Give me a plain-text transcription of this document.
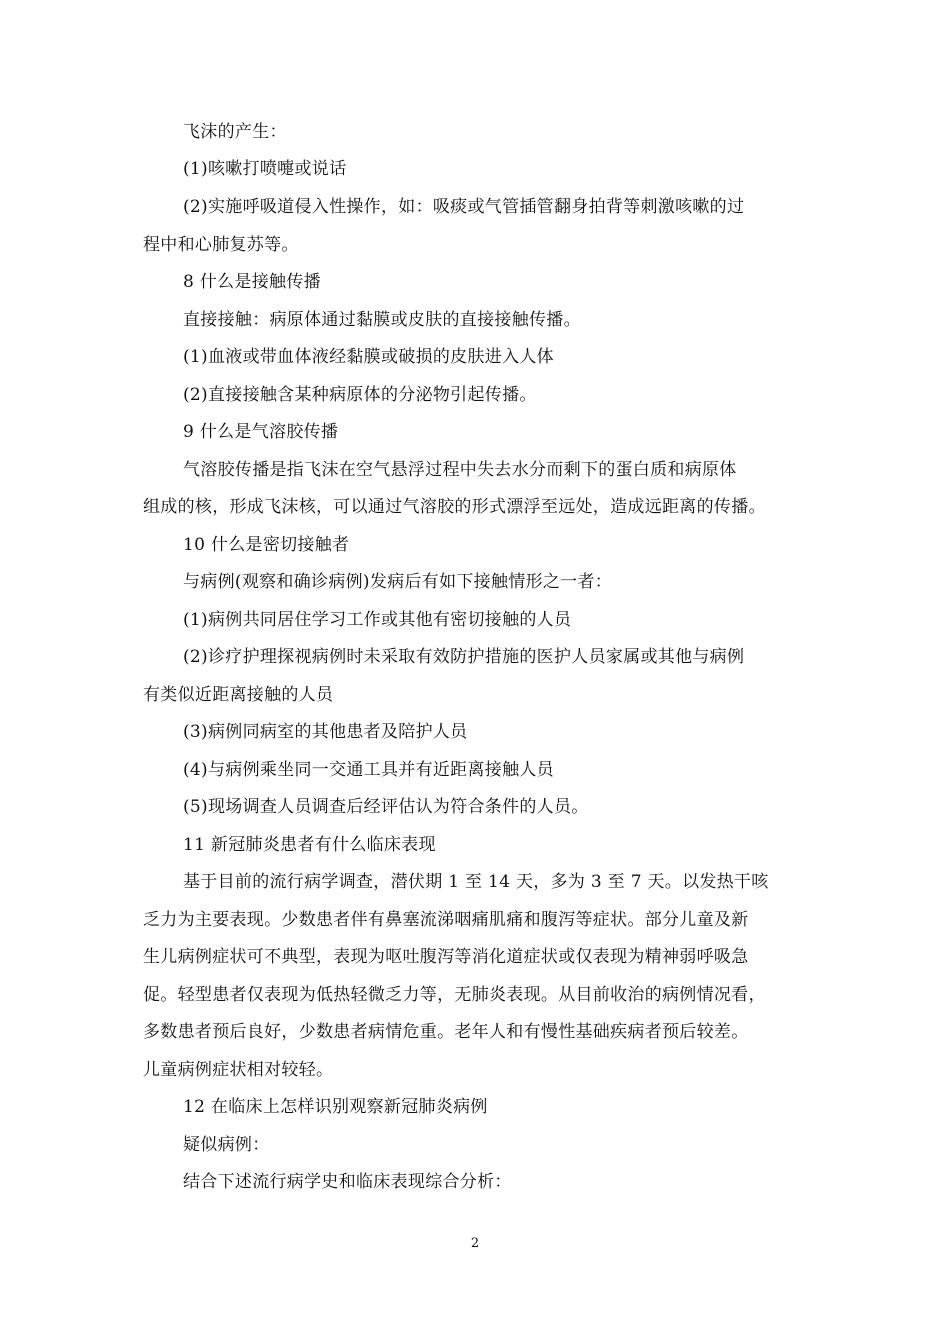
飞沫的产生：
(1)咳嗽打喷嚏或说话
(2)实施呼吸道侵入性操作，如：吸痰或气管插管翻身拍背等刺激咳嗽的过
程中和心肺复苏等。
8 什么是接触传播
直接接触：病原体通过黏膜或皮肤的直接接触传播。
(1)血液或带血体液经黏膜或破损的皮肤进入人体
(2)直接接触含某种病原体的分泌物引起传播。
9 什么是气溶胶传播
气溶胶传播是指飞沫在空气悬浮过程中失去水分而剩下的蛋白质和病原体
组成的核，形成飞沫核，可以通过气溶胶的形式漂浮至远处，造成远距离的传播。
10 什么是密切接触者
与病例(观察和确诊病例)发病后有如下接触情形之一者：
(1)病例共同居住学习工作或其他有密切接触的人员
(2)诊疗护理探视病例时未采取有效防护措施的医护人员家属或其他与病例
有类似近距离接触的人员
(3)病例同病室的其他患者及陪护人员
(4)与病例乘坐同一交通工具并有近距离接触人员
(5)现场调查人员调查后经评估认为符合条件的人员。
11 新冠肺炎患者有什么临床表现
基于目前的流行病学调查，潜伏期 1 至 14 天，多为 3 至 7 天。以发热干咳
乏力为主要表现。少数患者伴有鼻塞流涕咽痛肌痛和腹泻等症状。部分儿童及新
生儿病例症状可不典型，表现为呕吐腹泻等消化道症状或仅表现为精神弱呼吸急
促。轻型患者仅表现为低热轻微乏力等，无肺炎表现。从目前收治的病例情况看，
多数患者预后良好，少数患者病情危重。老年人和有慢性基础疾病者预后较差。
儿童病例症状相对较轻。
12 在临床上怎样识别观察新冠肺炎病例
疑似病例：
结合下述流行病学史和临床表现综合分析：
2
